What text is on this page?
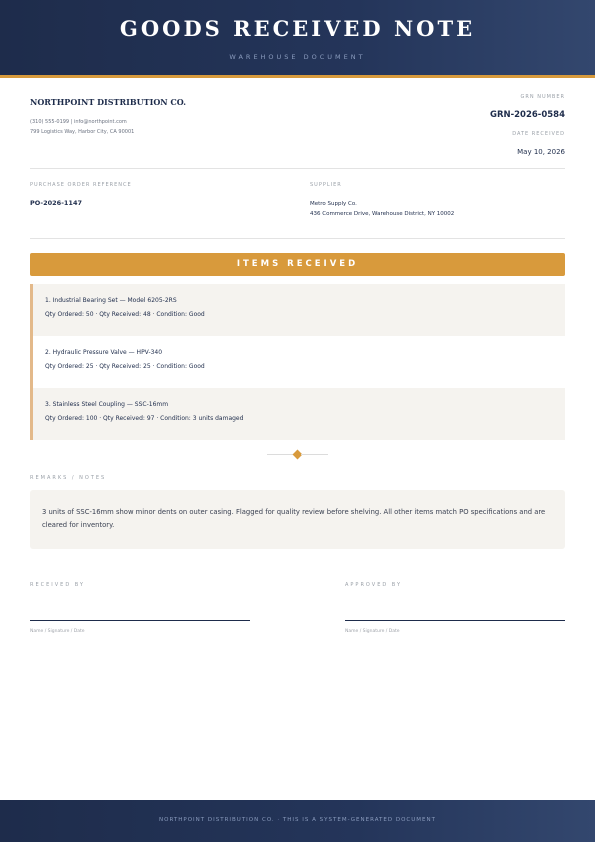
GOODS RECEIVED NOTE
WAREHOUSE DOCUMENT
NORTHPOINT DISTRIBUTION CO.
(310) 555-0199 | info@northpoint.com
799 Logistics Way, Harbor City, CA 90001
GRN NUMBER
GRN-2026-0584
DATE RECEIVED
May 10, 2026
PURCHASE ORDER REFERENCE
PO-2026-1147
SUPPLIER
Metro Supply Co.
436 Commerce Drive, Warehouse District, NY 10002
ITEMS RECEIVED
1. Industrial Bearing Set — Model 6205-2RS
Qty Ordered: 50 · Qty Received: 48 · Condition: Good
2. Hydraulic Pressure Valve — HPV-340
Qty Ordered: 25 · Qty Received: 25 · Condition: Good
3. Stainless Steel Coupling — SSC-16mm
Qty Ordered: 100 · Qty Received: 97 · Condition: 3 units damaged
REMARKS / NOTES
3 units of SSC-16mm show minor dents on outer casing. Flagged for quality review before shelving. All other items match PO specifications and are cleared for inventory.
RECEIVED BY
Name / Signature / Date
APPROVED BY
Name / Signature / Date
NORTHPOINT DISTRIBUTION CO. · THIS IS A SYSTEM-GENERATED DOCUMENT
